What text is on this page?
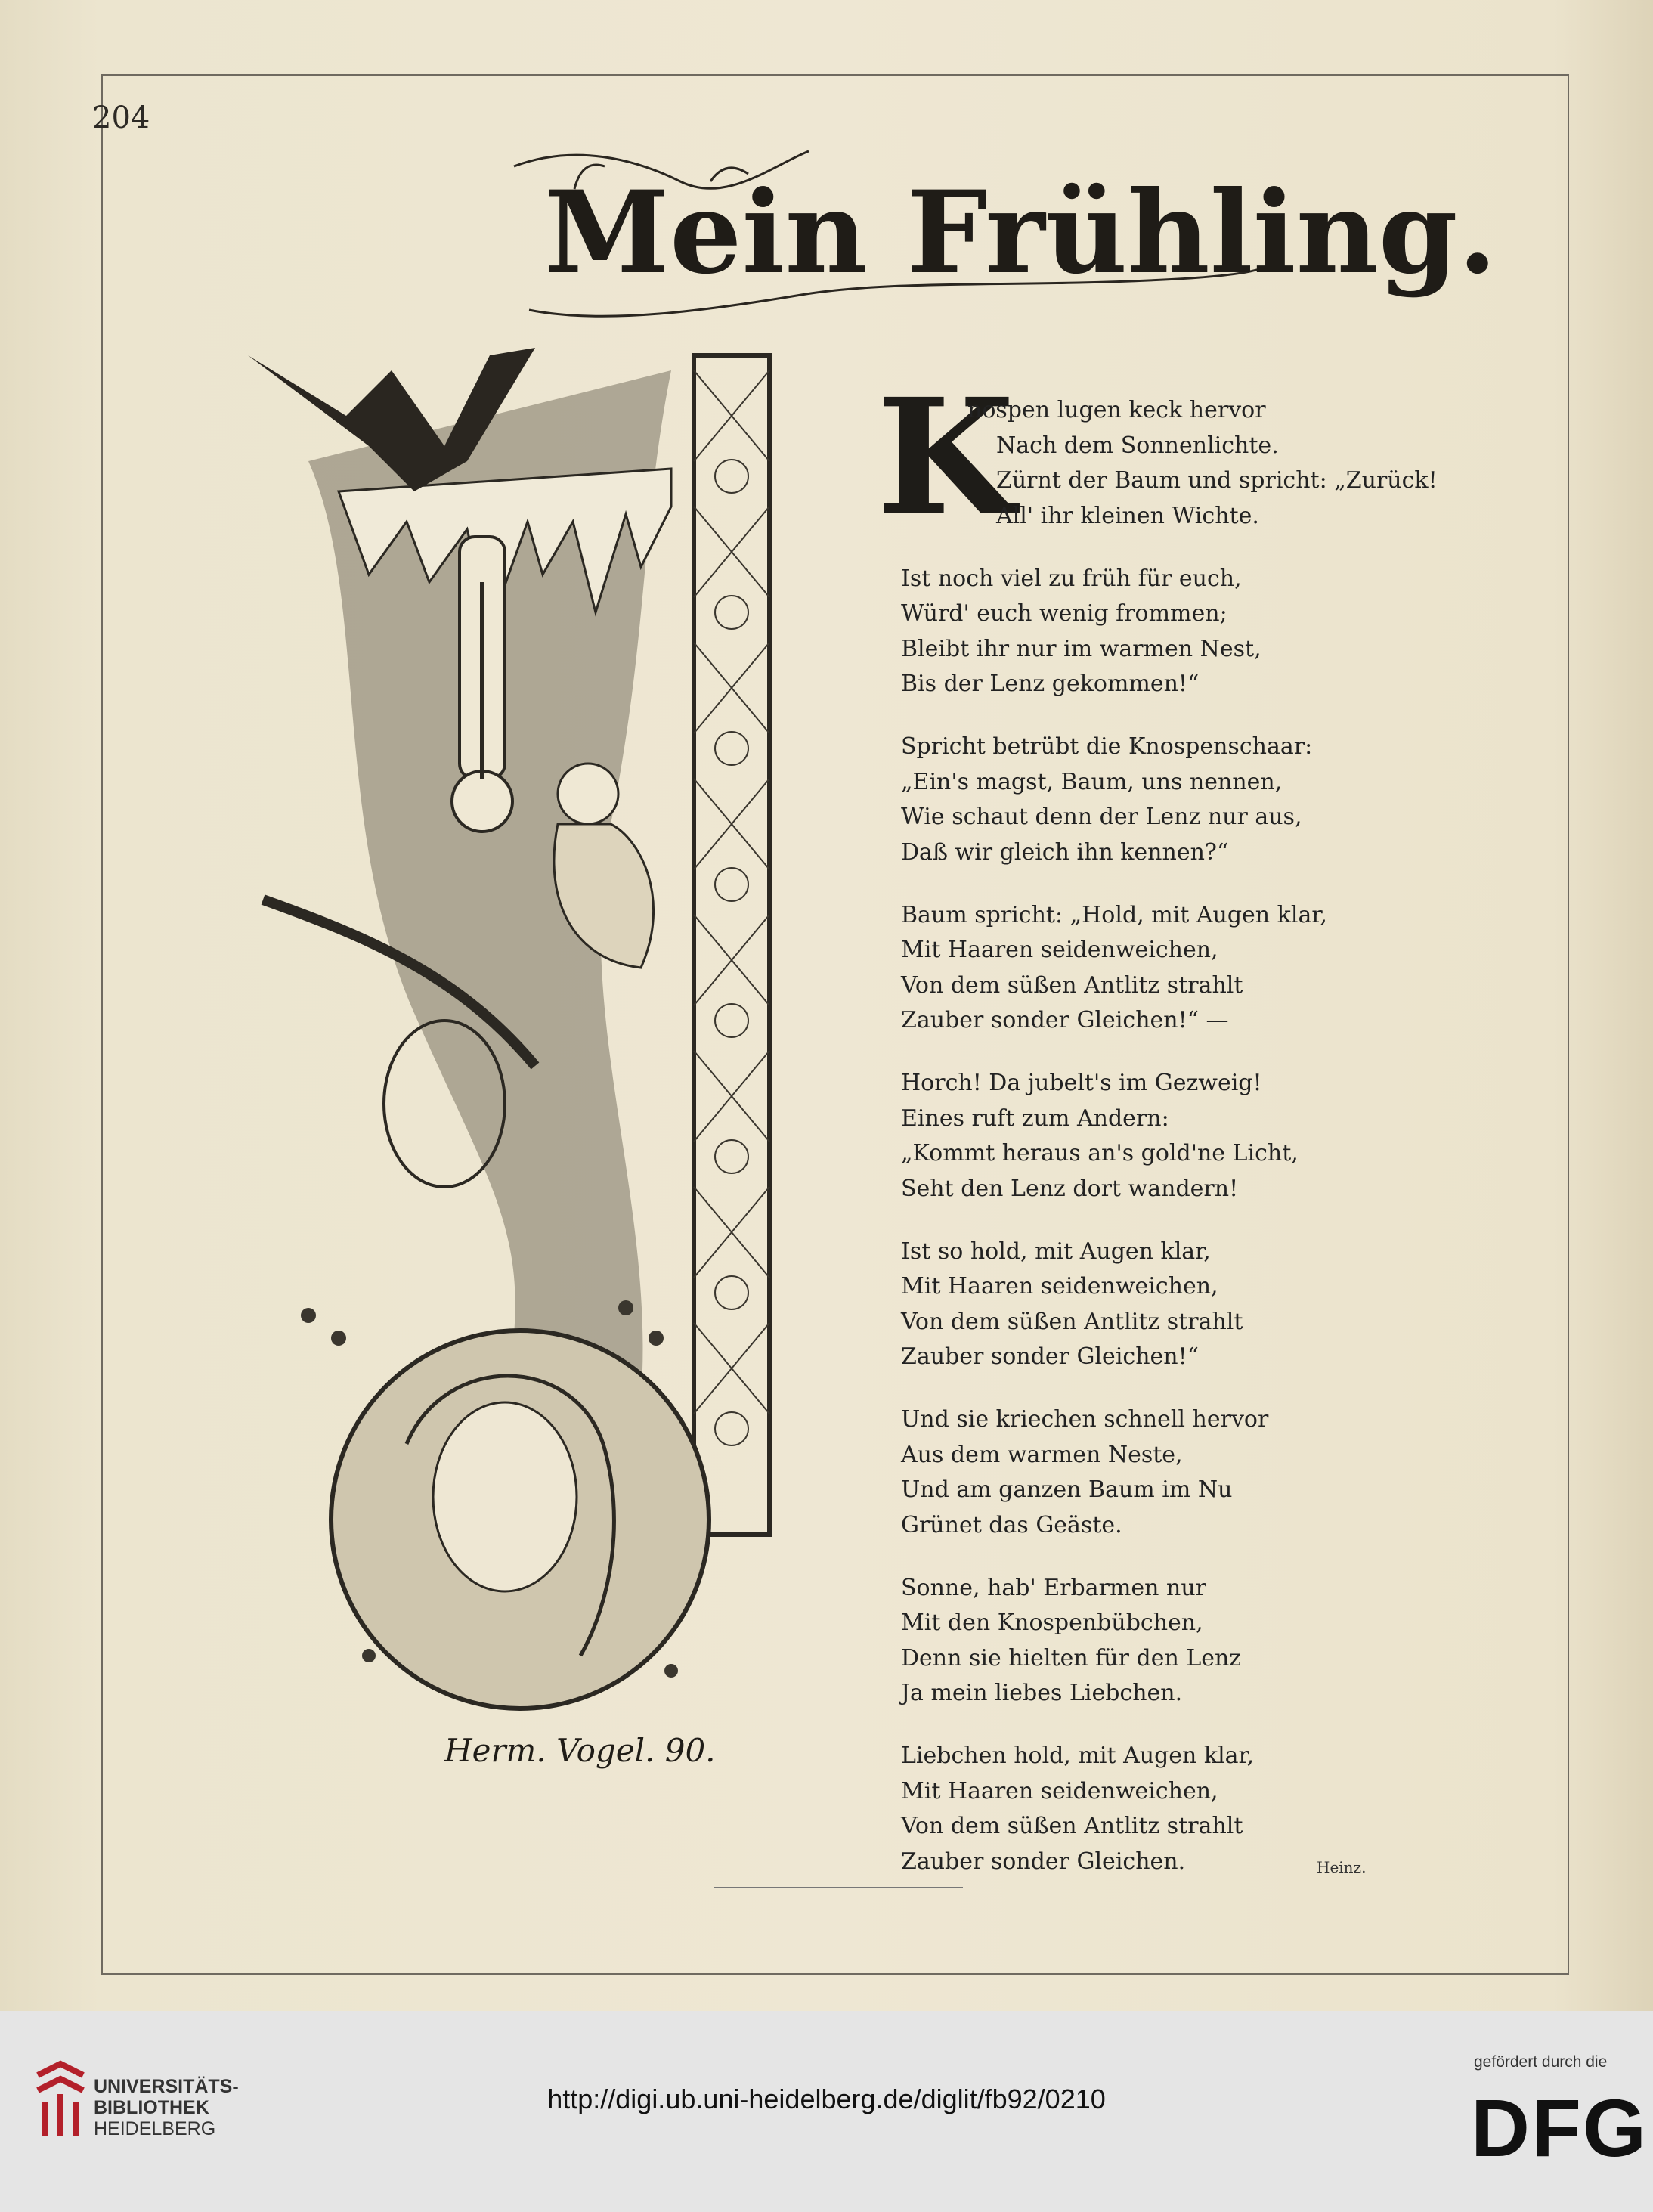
204
Mein Frühling.
Herm. Vogel. 90.
K
nospen lugen keck hervor
Nach dem Sonnenlichte.
Zürnt der Baum und spricht: „Zurück!
All' ihr kleinen Wichte.
Ist noch viel zu früh für euch,
Würd' euch wenig frommen;
Bleibt ihr nur im warmen Nest,
Bis der Lenz gekommen!“
Spricht betrübt die Knospenschaar:
„Ein's magst, Baum, uns nennen,
Wie schaut denn der Lenz nur aus,
Daß wir gleich ihn kennen?“
Baum spricht: „Hold, mit Augen klar,
Mit Haaren seidenweichen,
Von dem süßen Antlitz strahlt
Zauber sonder Gleichen!“ —
Horch! Da jubelt's im Gezweig!
Eines ruft zum Andern:
„Kommt heraus an's gold'ne Licht,
Seht den Lenz dort wandern!
Ist so hold, mit Augen klar,
Mit Haaren seidenweichen,
Von dem süßen Antlitz strahlt
Zauber sonder Gleichen!“
Und sie kriechen schnell hervor
Aus dem warmen Neste,
Und am ganzen Baum im Nu
Grünet das Geäste.
Sonne, hab' Erbarmen nur
Mit den Knospenbübchen,
Denn sie hielten für den Lenz
Ja mein liebes Liebchen.
Liebchen hold, mit Augen klar,
Mit Haaren seidenweichen,
Von dem süßen Antlitz strahlt
Zauber sonder Gleichen.	Heinz.
UNIVERSITÄTS-
BIBLIOTHEK
HEIDELBERG
http://digi.ub.uni-heidelberg.de/diglit/fb92/0210
gefördert durch die
DFG
